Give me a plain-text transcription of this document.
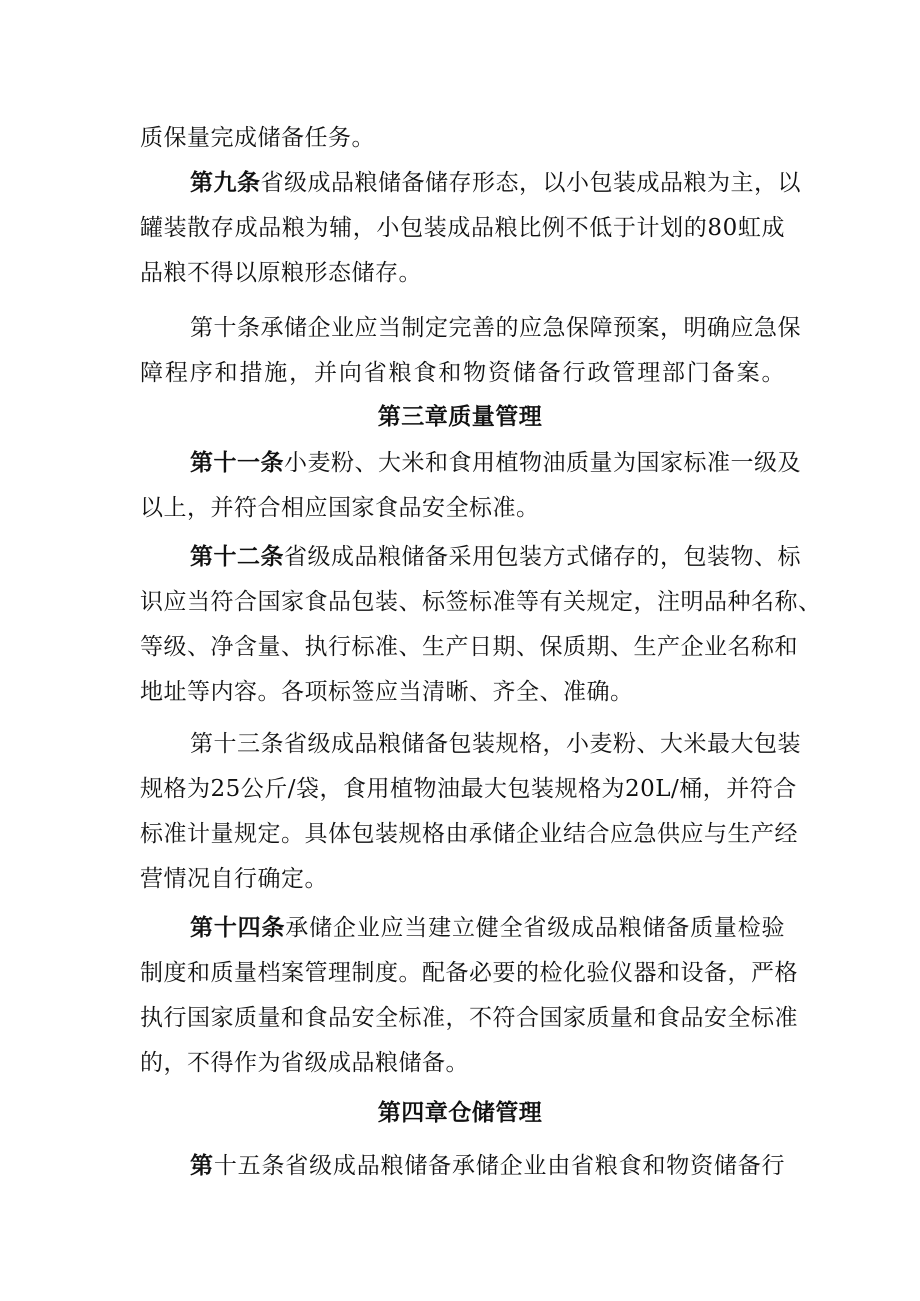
质保量完成储备任务。
第九条省级成品粮储备储存形态，以小包装成品粮为主，以
罐装散存成品粮为辅，小包装成品粮比例不低于计划的80虹成
品粮不得以原粮形态储存。
第十条承储企业应当制定完善的应急保障预案，明确应急保
障程序和措施，并向省粮食和物资储备行政管理部门备案。
第三章质量管理
第十一条小麦粉、大米和食用植物油质量为国家标准一级及
以上，并符合相应国家食品安全标准。
第十二条省级成品粮储备采用包装方式储存的，包装物、标
识应当符合国家食品包装、标签标准等有关规定，注明品种名称、
等级、净含量、执行标准、生产日期、保质期、生产企业名称和
地址等内容。各项标签应当清晰、齐全、准确。
第十三条省级成品粮储备包装规格，小麦粉、大米最大包装
规格为25公斤/袋，食用植物油最大包装规格为20L/桶，并符合
标准计量规定。具体包装规格由承储企业结合应急供应与生产经
营情况自行确定。
第十四条承储企业应当建立健全省级成品粮储备质量检验
制度和质量档案管理制度。配备必要的检化验仪器和设备，严格
执行国家质量和食品安全标准，不符合国家质量和食品安全标准
的，不得作为省级成品粮储备。
第四章仓储管理
第十五条省级成品粮储备承储企业由省粮食和物资储备行
